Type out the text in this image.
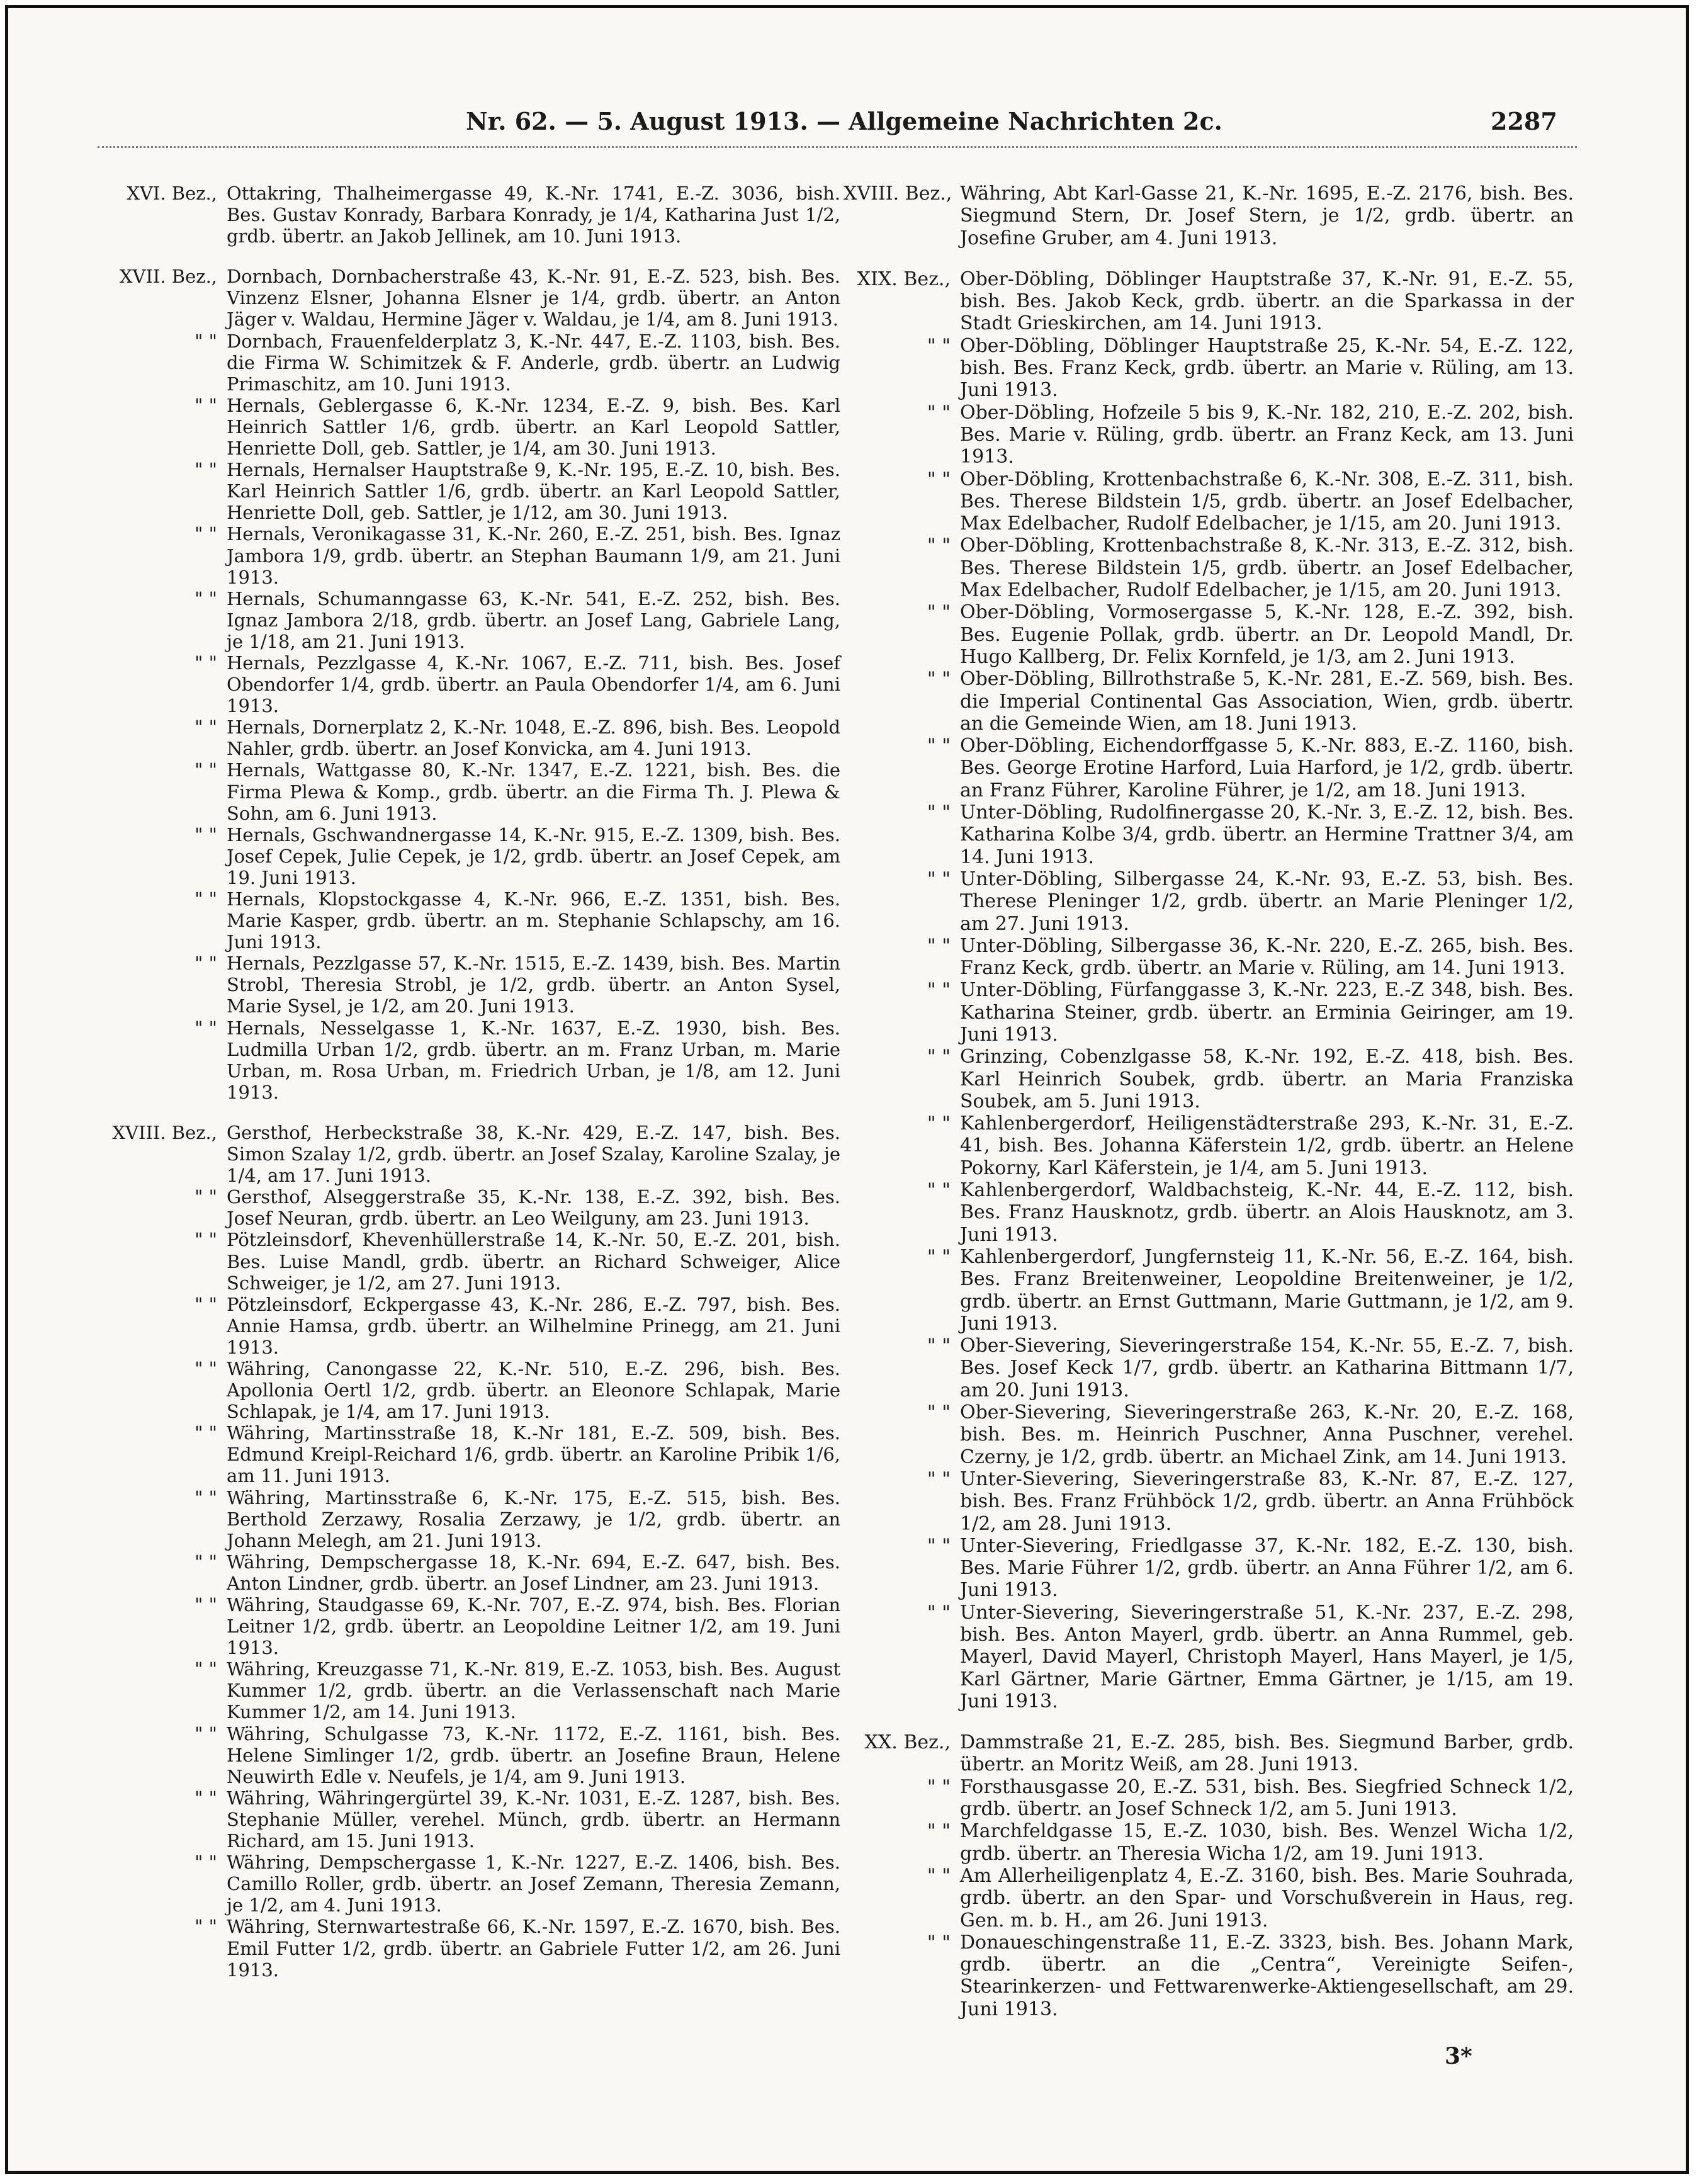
Nr. 62. — 5. August 1913. — Allgemeine Nachrichten 2c.	2287
XVI. Bez., Ottakring, Thalheimergasse 49, K.-Nr. 1741, E.-Z. 3036, bish. Bes. Gustav Konrady, Barbara Konrady, je 1/4, Katharina Just 1/2, grdb. übertr. an Jakob Jellinek, am 10. Juni 1913.
XVII. Bez., Dornbach, Dornbacherstraße 43, K.-Nr. 91, E.-Z. 523, bish. Bes. Vinzenz Elsner, Johanna Elsner je 1/4, grdb. übertr. an Anton Jäger v. Waldau, Hermine Jäger v. Waldau, je 1/4, am 8. Juni 1913.
" " Dornbach, Frauenfelderplatz 3, K.-Nr. 447, E.-Z. 1103, bish. Bes. die Firma W. Schimitzek & F. Anderle, grdb. übertr. an Ludwig Primaschitz, am 10. Juni 1913.
" " Hernals, Geblergasse 6, K.-Nr. 1234, E.-Z. 9, bish. Bes. Karl Heinrich Sattler 1/6, grdb. übertr. an Karl Leopold Sattler, Henriette Doll, geb. Sattler, je 1/4, am 30. Juni 1913.
" " Hernals, Hernalser Hauptstraße 9, K.-Nr. 195, E.-Z. 10, bish. Bes. Karl Heinrich Sattler 1/6, grdb. übertr. an Karl Leopold Sattler, Henriette Doll, geb. Sattler, je 1/12, am 30. Juni 1913.
" " Hernals, Veronikagasse 31, K.-Nr. 260, E.-Z. 251, bish. Bes. Ignaz Jambora 1/9, grdb. übertr. an Stephan Baumann 1/9, am 21. Juni 1913.
" " Hernals, Schumanngasse 63, K.-Nr. 541, E.-Z. 252, bish. Bes. Ignaz Jambora 2/18, grdb. übertr. an Josef Lang, Gabriele Lang, je 1/18, am 21. Juni 1913.
" " Hernals, Pezzlgasse 4, K.-Nr. 1067, E.-Z. 711, bish. Bes. Josef Obendorfer 1/4, grdb. übertr. an Paula Obendorfer 1/4, am 6. Juni 1913.
" " Hernals, Dornerplatz 2, K.-Nr. 1048, E.-Z. 896, bish. Bes. Leopold Nahler, grdb. übertr. an Josef Konvicka, am 4. Juni 1913.
" " Hernals, Wattgasse 80, K.-Nr. 1347, E.-Z. 1221, bish. Bes. die Firma Plewa & Komp., grdb. übertr. an die Firma Th. J. Plewa & Sohn, am 6. Juni 1913.
" " Hernals, Gschwandnergasse 14, K.-Nr. 915, E.-Z. 1309, bish. Bes. Josef Cepek, Julie Cepek, je 1/2, grdb. übertr. an Josef Cepek, am 19. Juni 1913.
" " Hernals, Klopstockgasse 4, K.-Nr. 966, E.-Z. 1351, bish. Bes. Marie Kasper, grdb. übertr. an m. Stephanie Schlapschy, am 16. Juni 1913.
" " Hernals, Pezzlgasse 57, K.-Nr. 1515, E.-Z. 1439, bish. Bes. Martin Strobl, Theresia Strobl, je 1/2, grdb. übertr. an Anton Sysel, Marie Sysel, je 1/2, am 20. Juni 1913.
" " Hernals, Nesselgasse 1, K.-Nr. 1637, E.-Z. 1930, bish. Bes. Ludmilla Urban 1/2, grdb. übertr. an m. Franz Urban, m. Marie Urban, m. Rosa Urban, m. Friedrich Urban, je 1/8, am 12. Juni 1913.
XVIII. Bez., Gersthof, Herbeckstraße 38, K.-Nr. 429, E.-Z. 147, bish. Bes. Simon Szalay 1/2, grdb. übertr. an Josef Szalay, Karoline Szalay, je 1/4, am 17. Juni 1913.
" " Gersthof, Alseggerstraße 35, K.-Nr. 138, E.-Z. 392, bish. Bes. Josef Neuran, grdb. übertr. an Leo Weilguny, am 23. Juni 1913.
" " Pötzleinsdorf, Khevenhüllerstraße 14, K.-Nr. 50, E.-Z. 201, bish. Bes. Luise Mandl, grdb. übertr. an Richard Schweiger, Alice Schweiger, je 1/2, am 27. Juni 1913.
" " Pötzleinsdorf, Eckpergasse 43, K.-Nr. 286, E.-Z. 797, bish. Bes. Annie Hamsa, grdb. übertr. an Wilhelmine Prinegg, am 21. Juni 1913.
" " Währing, Canongasse 22, K.-Nr. 510, E.-Z. 296, bish. Bes. Apollonia Oertl 1/2, grdb. übertr. an Eleonore Schlapak, Marie Schlapak, je 1/4, am 17. Juni 1913.
" " Währing, Martinsstraße 18, K.-Nr 181, E.-Z. 509, bish. Bes. Edmund Kreipl-Reichard 1/6, grdb. übertr. an Karoline Pribik 1/6, am 11. Juni 1913.
" " Währing, Martinsstraße 6, K.-Nr. 175, E.-Z. 515, bish. Bes. Berthold Zerzawy, Rosalia Zerzawy, je 1/2, grdb. übertr. an Johann Melegh, am 21. Juni 1913.
" " Währing, Dempschergasse 18, K.-Nr. 694, E.-Z. 647, bish. Bes. Anton Lindner, grdb. übertr. an Josef Lindner, am 23. Juni 1913.
" " Währing, Staudgasse 69, K.-Nr. 707, E.-Z. 974, bish. Bes. Florian Leitner 1/2, grdb. übertr. an Leopoldine Leitner 1/2, am 19. Juni 1913.
" " Währing, Kreuzgasse 71, K.-Nr. 819, E.-Z. 1053, bish. Bes. August Kummer 1/2, grdb. übertr. an die Verlassenschaft nach Marie Kummer 1/2, am 14. Juni 1913.
" " Währing, Schulgasse 73, K.-Nr. 1172, E.-Z. 1161, bish. Bes. Helene Simlinger 1/2, grdb. übertr. an Josefine Braun, Helene Neuwirth Edle v. Neufels, je 1/4, am 9. Juni 1913.
" " Währing, Währingergürtel 39, K.-Nr. 1031, E.-Z. 1287, bish. Bes. Stephanie Müller, verehel. Münch, grdb. übertr. an Hermann Richard, am 15. Juni 1913.
" " Währing, Dempschergasse 1, K.-Nr. 1227, E.-Z. 1406, bish. Bes. Camillo Roller, grdb. übertr. an Josef Zemann, Theresia Zemann, je 1/2, am 4. Juni 1913.
" " Währing, Sternwartestraße 66, K.-Nr. 1597, E.-Z. 1670, bish. Bes. Emil Futter 1/2, grdb. übertr. an Gabriele Futter 1/2, am 26. Juni 1913.
XVIII. Bez., Währing, Abt Karl-Gasse 21, K.-Nr. 1695, E.-Z. 2176, bish. Bes. Siegmund Stern, Dr. Josef Stern, je 1/2, grdb. übertr. an Josefine Gruber, am 4. Juni 1913.
XIX. Bez., Ober-Döbling, Döblinger Hauptstraße 37, K.-Nr. 91, E.-Z. 55, bish. Bes. Jakob Keck, grdb. übertr. an die Sparkassa in der Stadt Grieskirchen, am 14. Juni 1913.
" " Ober-Döbling, Döblinger Hauptstraße 25, K.-Nr. 54, E.-Z. 122, bish. Bes. Franz Keck, grdb. übertr. an Marie v. Rüling, am 13. Juni 1913.
" " Ober-Döbling, Hofzeile 5 bis 9, K.-Nr. 182, 210, E.-Z. 202, bish. Bes. Marie v. Rüling, grdb. übertr. an Franz Keck, am 13. Juni 1913.
" " Ober-Döbling, Krottenbachstraße 6, K.-Nr. 308, E.-Z. 311, bish. Bes. Therese Bildstein 1/5, grdb. übertr. an Josef Edelbacher, Max Edelbacher, Rudolf Edelbacher, je 1/15, am 20. Juni 1913.
" " Ober-Döbling, Krottenbachstraße 8, K.-Nr. 313, E.-Z. 312, bish. Bes. Therese Bildstein 1/5, grdb. übertr. an Josef Edelbacher, Max Edelbacher, Rudolf Edelbacher, je 1/15, am 20. Juni 1913.
" " Ober-Döbling, Vormosergasse 5, K.-Nr. 128, E.-Z. 392, bish. Bes. Eugenie Pollak, grdb. übertr. an Dr. Leopold Mandl, Dr. Hugo Kallberg, Dr. Felix Kornfeld, je 1/3, am 2. Juni 1913.
" " Ober-Döbling, Billrothstraße 5, K.-Nr. 281, E.-Z. 569, bish. Bes. die Imperial Continental Gas Association, Wien, grdb. übertr. an die Gemeinde Wien, am 18. Juni 1913.
" " Ober-Döbling, Eichendorffgasse 5, K.-Nr. 883, E.-Z. 1160, bish. Bes. George Erotine Harford, Luia Harford, je 1/2, grdb. übertr. an Franz Führer, Karoline Führer, je 1/2, am 18. Juni 1913.
" " Unter-Döbling, Rudolfinergasse 20, K.-Nr. 3, E.-Z. 12, bish. Bes. Katharina Kolbe 3/4, grdb. übertr. an Hermine Trattner 3/4, am 14. Juni 1913.
" " Unter-Döbling, Silbergasse 24, K.-Nr. 93, E.-Z. 53, bish. Bes. Therese Pleninger 1/2, grdb. übertr. an Marie Pleninger 1/2, am 27. Juni 1913.
" " Unter-Döbling, Silbergasse 36, K.-Nr. 220, E.-Z. 265, bish. Bes. Franz Keck, grdb. übertr. an Marie v. Rüling, am 14. Juni 1913.
" " Unter-Döbling, Fürfanggasse 3, K.-Nr. 223, E.-Z 348, bish. Bes. Katharina Steiner, grdb. übertr. an Erminia Geiringer, am 19. Juni 1913.
" " Grinzing, Cobenzlgasse 58, K.-Nr. 192, E.-Z. 418, bish. Bes. Karl Heinrich Soubek, grdb. übertr. an Maria Franziska Soubek, am 5. Juni 1913.
" " Kahlenbergerdorf, Heiligenstädterstraße 293, K.-Nr. 31, E.-Z. 41, bish. Bes. Johanna Käferstein 1/2, grdb. übertr. an Helene Pokorny, Karl Käferstein, je 1/4, am 5. Juni 1913.
" " Kahlenbergerdorf, Waldbachsteig, K.-Nr. 44, E.-Z. 112, bish. Bes. Franz Hausknotz, grdb. übertr. an Alois Hausknotz, am 3. Juni 1913.
" " Kahlenbergerdorf, Jungfernsteig 11, K.-Nr. 56, E.-Z. 164, bish. Bes. Franz Breitenweiner, Leopoldine Breitenweiner, je 1/2, grdb. übertr. an Ernst Guttmann, Marie Guttmann, je 1/2, am 9. Juni 1913.
" " Ober-Sievering, Sieveringerstraße 154, K.-Nr. 55, E.-Z. 7, bish. Bes. Josef Keck 1/7, grdb. übertr. an Katharina Bittmann 1/7, am 20. Juni 1913.
" " Ober-Sievering, Sieveringerstraße 263, K.-Nr. 20, E.-Z. 168, bish. Bes. m. Heinrich Puschner, Anna Puschner, verehel. Czerny, je 1/2, grdb. übertr. an Michael Zink, am 14. Juni 1913.
" " Unter-Sievering, Sieveringerstraße 83, K.-Nr. 87, E.-Z. 127, bish. Bes. Franz Frühböck 1/2, grdb. übertr. an Anna Frühböck 1/2, am 28. Juni 1913.
" " Unter-Sievering, Friedlgasse 37, K.-Nr. 182, E.-Z. 130, bish. Bes. Marie Führer 1/2, grdb. übertr. an Anna Führer 1/2, am 6. Juni 1913.
" " Unter-Sievering, Sieveringerstraße 51, K.-Nr. 237, E.-Z. 298, bish. Bes. Anton Mayerl, grdb. übertr. an Anna Rummel, geb. Mayerl, David Mayerl, Christoph Mayerl, Hans Mayerl, je 1/5, Karl Gärtner, Marie Gärtner, Emma Gärtner, je 1/15, am 19. Juni 1913.
XX. Bez., Dammstraße 21, E.-Z. 285, bish. Bes. Siegmund Barber, grdb. übertr. an Moritz Weiß, am 28. Juni 1913.
" " Forsthausgasse 20, E.-Z. 531, bish. Bes. Siegfried Schneck 1/2, grdb. übertr. an Josef Schneck 1/2, am 5. Juni 1913.
" " Marchfeldgasse 15, E.-Z. 1030, bish. Bes. Wenzel Wicha 1/2, grdb. übertr. an Theresia Wicha 1/2, am 19. Juni 1913.
" " Am Allerheiligenplatz 4, E.-Z. 3160, bish. Bes. Marie Souhrada, grdb. übertr. an den Spar- und Vorschußverein in Haus, reg. Gen. m. b. H., am 26. Juni 1913.
" " Donaueschingenstraße 11, E.-Z. 3323, bish. Bes. Johann Mark, grdb. übertr. an die „Centra“, Vereinigte Seifen-, Stearinkerzen- und Fettwarenwerke-Aktiengesellschaft, am 29. Juni 1913.
3*
